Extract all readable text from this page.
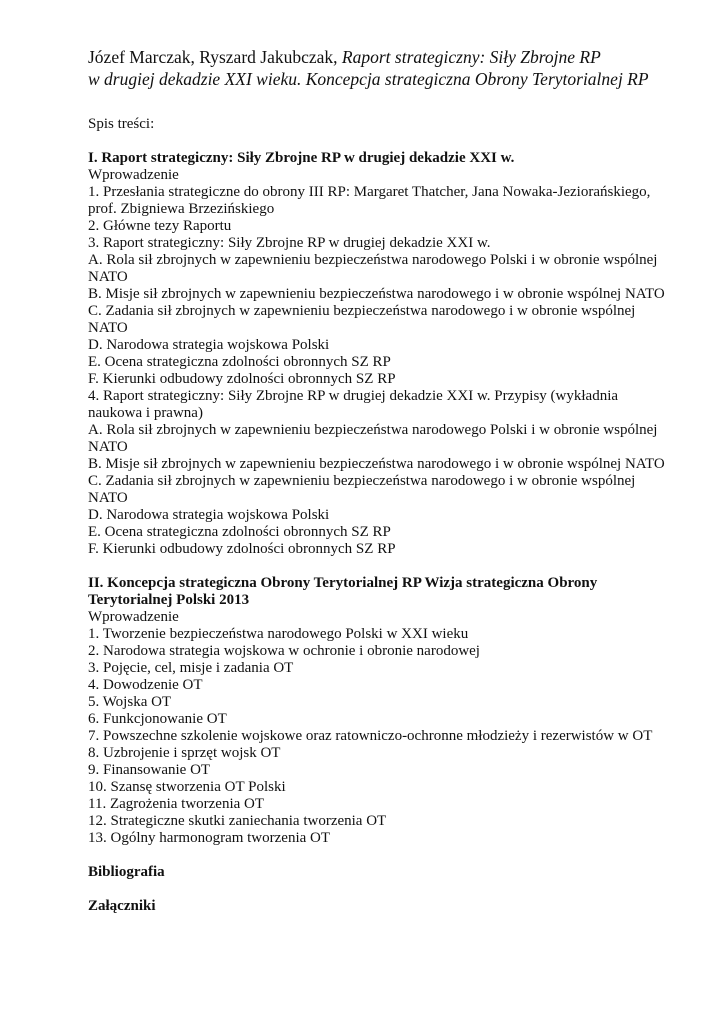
Józef Marczak, Ryszard Jakubczak, Raport strategiczny: Siły Zbrojne RP
w drugiej dekadzie XXI wieku. Koncepcja strategiczna Obrony Terytorialnej RP
Spis treści:
I. Raport strategiczny: Siły Zbrojne RP w drugiej dekadzie XXI w.
Wprowadzenie
1. Przesłania strategiczne do obrony III RP: Margaret Thatcher, Jana Nowaka-Jeziorańskiego, prof. Zbigniewa Brzezińskiego
2. Główne tezy Raportu
3. Raport strategiczny: Siły Zbrojne RP w drugiej dekadzie XXI w.
A. Rola sił zbrojnych w zapewnieniu bezpieczeństwa narodowego Polski i w obronie wspólnej NATO
B. Misje sił zbrojnych w zapewnieniu bezpieczeństwa narodowego i w obronie wspólnej NATO
C. Zadania sił zbrojnych w zapewnieniu bezpieczeństwa narodowego i w obronie wspólnej NATO
D. Narodowa strategia wojskowa Polski
E. Ocena strategiczna zdolności obronnych SZ RP
F. Kierunki odbudowy zdolności obronnych SZ RP
4. Raport strategiczny: Siły Zbrojne RP w drugiej dekadzie XXI w. Przypisy (wykładnia naukowa i prawna)
A. Rola sił zbrojnych w zapewnieniu bezpieczeństwa narodowego Polski i w obronie wspólnej NATO
B. Misje sił zbrojnych w zapewnieniu bezpieczeństwa narodowego i w obronie wspólnej NATO
C. Zadania sił zbrojnych w zapewnieniu bezpieczeństwa narodowego i w obronie wspólnej NATO
D. Narodowa strategia wojskowa Polski
E. Ocena strategiczna zdolności obronnych SZ RP
F. Kierunki odbudowy zdolności obronnych SZ RP
II. Koncepcja strategiczna Obrony Terytorialnej RP Wizja strategiczna Obrony Terytorialnej Polski 2013
Wprowadzenie
1. Tworzenie bezpieczeństwa narodowego Polski w XXI wieku
2. Narodowa strategia wojskowa w ochronie i obronie narodowej
3. Pojęcie, cel, misje i zadania OT
4. Dowodzenie OT
5. Wojska OT
6. Funkcjonowanie OT
7. Powszechne szkolenie wojskowe oraz ratowniczo-ochronne młodzieży i rezerwistów w OT
8. Uzbrojenie i sprzęt wojsk OT
9. Finansowanie OT
10. Szansę stworzenia OT Polski
11. Zagrożenia tworzenia OT
12. Strategiczne skutki zaniechania tworzenia OT
13. Ogólny harmonogram tworzenia OT
Bibliografia
Załączniki
